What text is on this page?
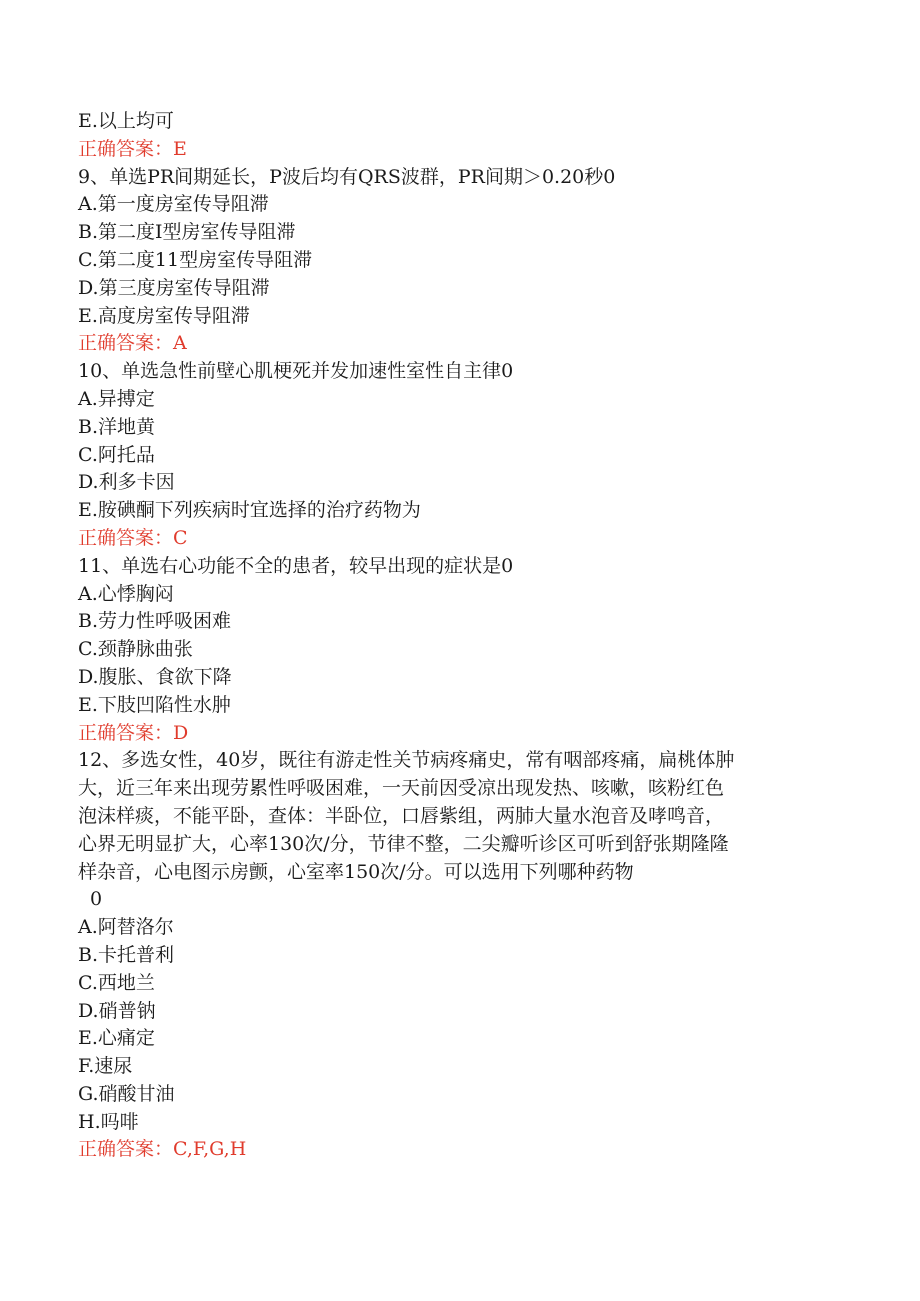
E.以上均可

正确答案：E

9、单选PR间期延长，P波后均有QRS波群，PR间期＞0.20秒0

A.第一度房室传导阻滞

B.第二度I型房室传导阻滞

C.第二度11型房室传导阻滞

D.第三度房室传导阻滞

E.高度房室传导阻滞

正确答案：A

10、单选急性前壁心肌梗死并发加速性室性自主律0

A.异搏定

B.洋地黄

C.阿托品

D.利多卡因

E.胺碘酮下列疾病时宜选择的治疗药物为

正确答案：C

11、单选右心功能不全的患者，较早出现的症状是0

A.心悸胸闷

B.劳力性呼吸困难

C.颈静脉曲张

D.腹胀、食欲下降

E.下肢凹陷性水肿

正确答案：D

12、多选女性，40岁，既往有游走性关节病疼痛史，常有咽部疼痛，扁桃体肿

大，近三年来出现劳累性呼吸困难，一天前因受凉出现发热、咳嗽，咳粉红色

泡沫样痰，不能平卧，查体：半卧位，口唇紫组，两肺大量水泡音及哮鸣音，

心界无明显扩大，心率130次/分，节律不整，二尖瓣听诊区可听到舒张期隆隆

样杂音，心电图示房颤，心室率150次/分。可以选用下列哪种药物

0

A.阿替洛尔

B.卡托普利

C.西地兰

D.硝普钠

E.心痛定

F.速尿

G.硝酸甘油

H.吗啡

正确答案：C,F,G,H
